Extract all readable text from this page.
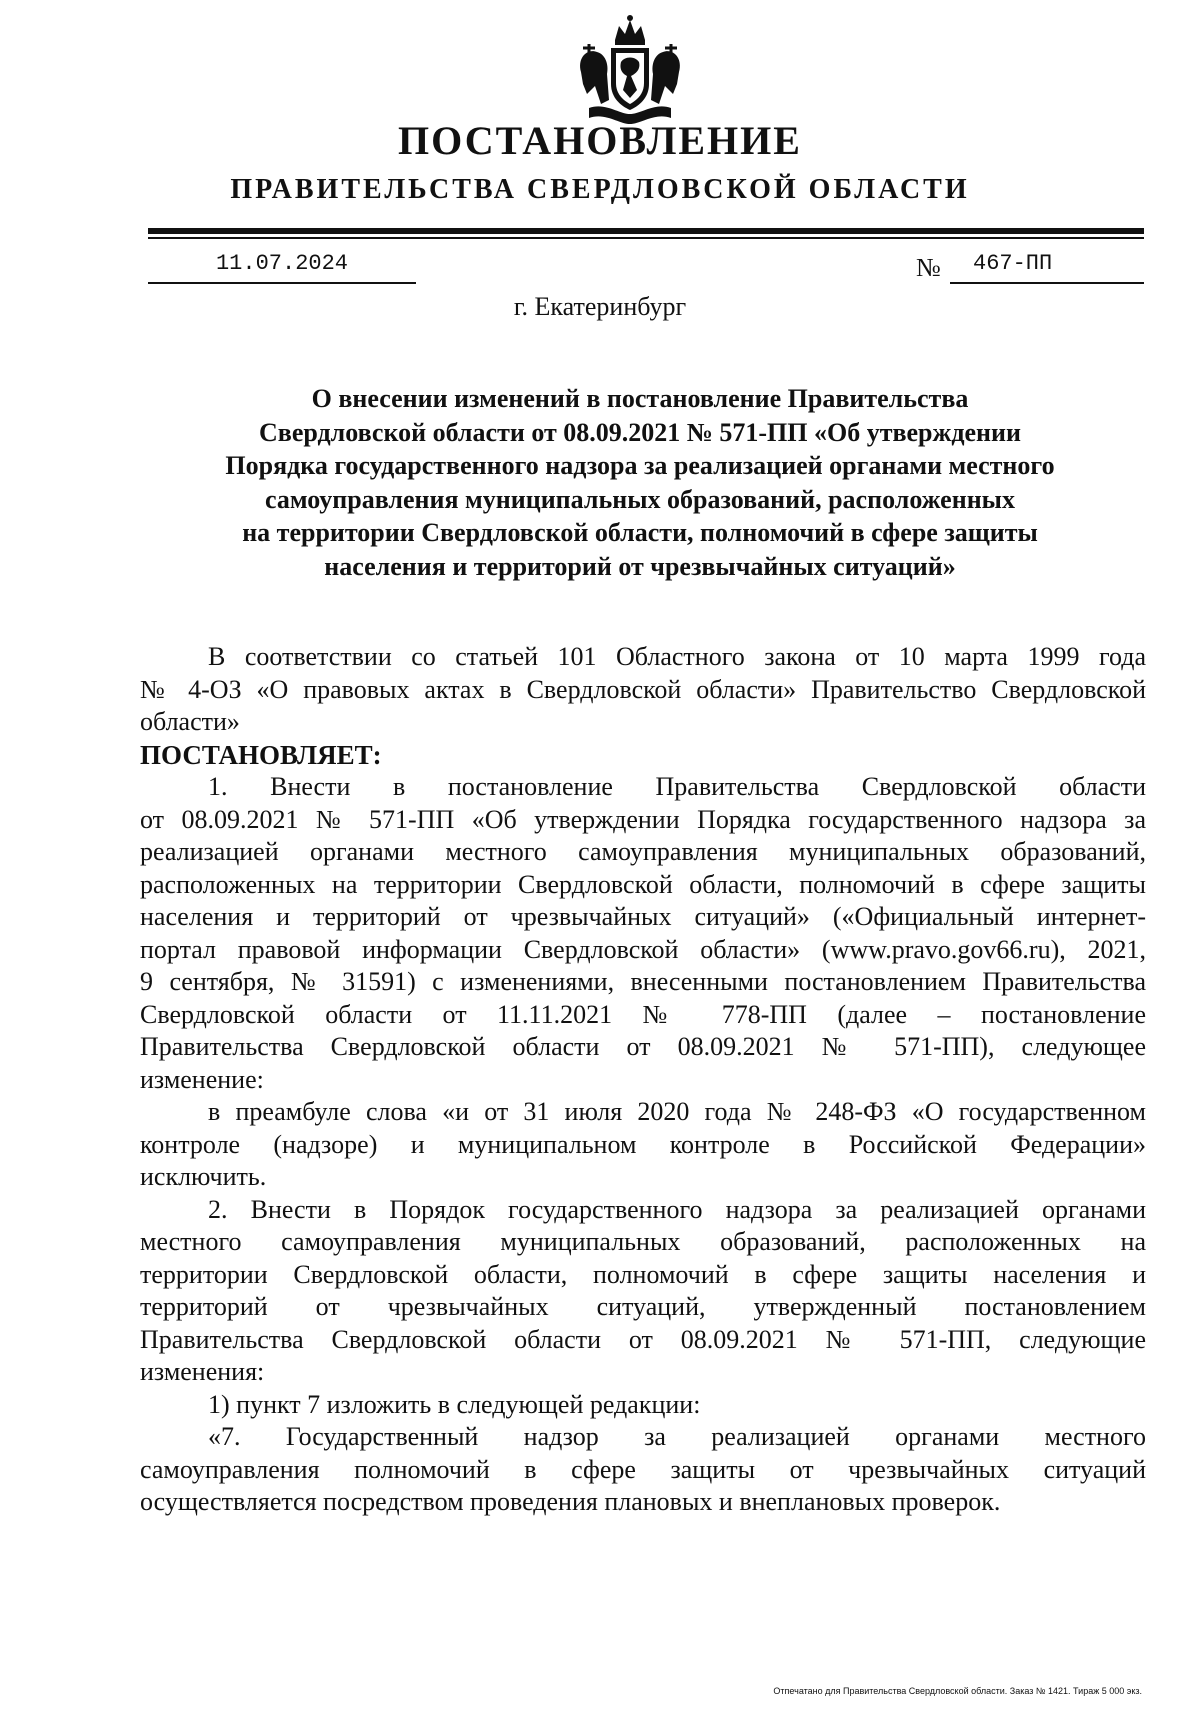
ПОСТАНОВЛЕНИЕ
ПРАВИТЕЛЬСТВА СВЕРДЛОВСКОЙ ОБЛАСТИ
11.07.2024	№	467-ПП
г. Екатеринбург
О внесении изменений в постановление Правительства
Свердловской области от 08.09.2021 № 571-ПП «Об утверждении
Порядка государственного надзора за реализацией органами местного
самоуправления муниципальных образований, расположенных
на территории Свердловской области, полномочий в сфере защиты
населения и территорий от чрезвычайных ситуаций»
В соответствии со статьей 101 Областного закона от 10 марта 1999 года
№ 4-ОЗ «О правовых актах в Свердловской области» Правительство Свердловской
области»
ПОСТАНОВЛЯЕТ:
1. Внести в постановление Правительства Свердловской области
от 08.09.2021 № 571-ПП «Об утверждении Порядка государственного надзора за
реализацией органами местного самоуправления муниципальных образований,
расположенных на территории Свердловской области, полномочий в сфере защиты
населения и территорий от чрезвычайных ситуаций» («Официальный интернет-
портал правовой информации Свердловской области» (www.pravo.gov66.ru), 2021,
9 сентября, № 31591) с изменениями, внесенными постановлением Правительства
Свердловской области от 11.11.2021 № 778-ПП (далее – постановление
Правительства Свердловской области от 08.09.2021 № 571-ПП), следующее
изменение:
в преамбуле слова «и от 31 июля 2020 года № 248-ФЗ «О государственном
контроле (надзоре) и муниципальном контроле в Российской Федерации»
исключить.
2. Внести в Порядок государственного надзора за реализацией органами
местного самоуправления муниципальных образований, расположенных на
территории Свердловской области, полномочий в сфере защиты населения и
территорий от чрезвычайных ситуаций, утвержденный постановлением
Правительства Свердловской области от 08.09.2021 № 571-ПП, следующие
изменения:
1) пункт 7 изложить в следующей редакции:
«7. Государственный надзор за реализацией органами местного
самоуправления полномочий в сфере защиты от чрезвычайных ситуаций
осуществляется посредством проведения плановых и внеплановых проверок.
Отпечатано для Правительства Свердловской области. Заказ № 1421. Тираж 5 000 экз.
